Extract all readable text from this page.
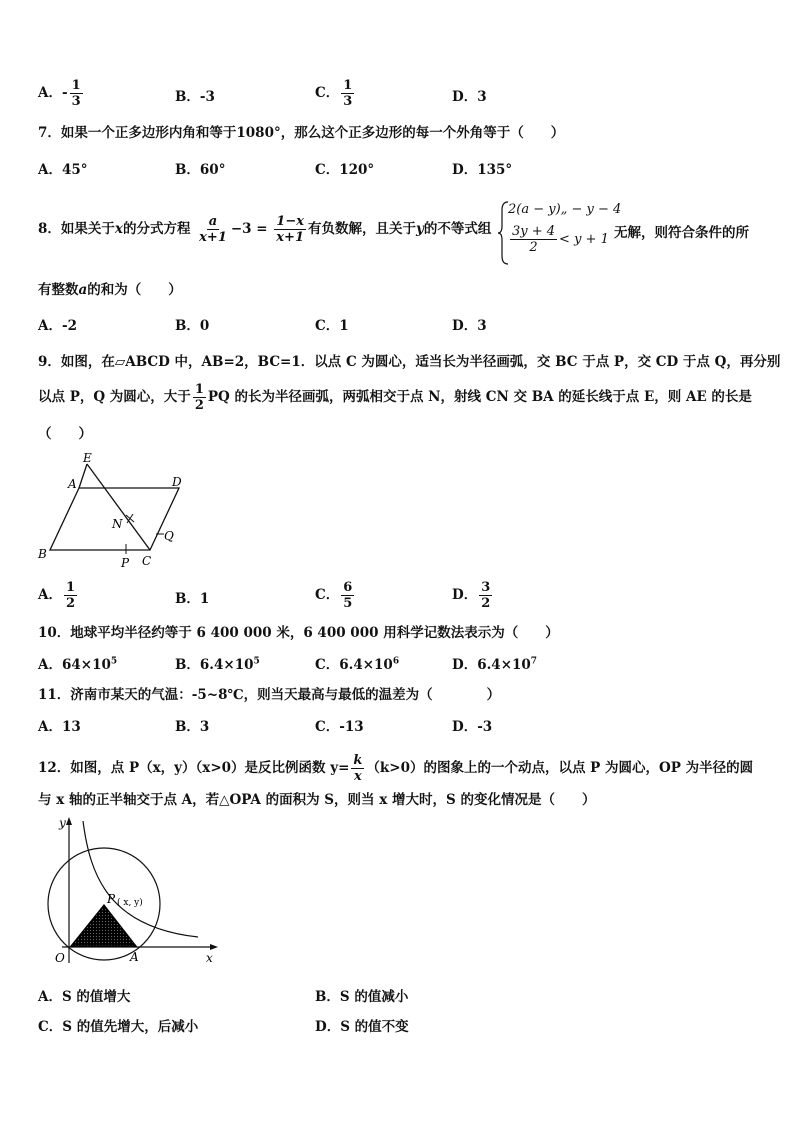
A．- $\frac{1}{3}$	B．-3	C． $\frac{1}{3}$	D．3
7．如果一个正多边形内角和等于1080°，那么这个正多边形的每一个外角等于（　　）
A．45°	B．60°	C．120°	D．135°
8．如果关于x的分式方程 $\frac{a}{x+1} -3 = \frac{1-x}{x+1}$ 有负数解，且关于y的不等式组
2(a − y)„ − y − 4
$\frac{3y + 4}{2} < y + 1$ 无解，则符合条件的所
有整数a的和为（　　）
A．-2	B．0	C．1	D．3
9．如图，在▱ABCD 中，AB=2，BC=1．以点 C 为圆心，适当长为半径画弧，交 BC 于点 P，交 CD 于点 Q，再分别
以点 P，Q 为圆心，大于 $\frac{1}{2}$ PQ 的长为半径画弧，两弧相交于点 N，射线 CN 交 BA 的延长线于点 E，则 AE 的长是
（　　）
E
A	D
N
Q
B
P C
A． $\frac{1}{2}$	B．1	C． $\frac{6}{5}$	D． $\frac{3}{2}$
10．地球平均半径约等于 6 400 000 米，6 400 000 用科学记数法表示为（　　）
A．$64\times 10^5$	B．$6.4\times 10^5$	C．$6.4\times 10^6$	D．$6.4\times 10^7$
11．济南市某天的气温：-5~8℃，则当天最高与最低的温差为（　　　　）
A．13	B．3	C．-13	D．-3
12．如图，点 P（x，y）（x>0）是反比例函数 $y= \frac{k}{x} (k>0)$的图象上的一个动点，以点 P 为圆心，OP 为半径的圆
与 x 轴的正半轴交于点 A，若△OPA 的面积为 S，则当 x 增大时，S 的变化情况是（　　）
y
P ( x, y)
O	A	x
A．S 的值增大	B．S 的值减小
C．S 的值先增大，后减小	D．S 的值不变
